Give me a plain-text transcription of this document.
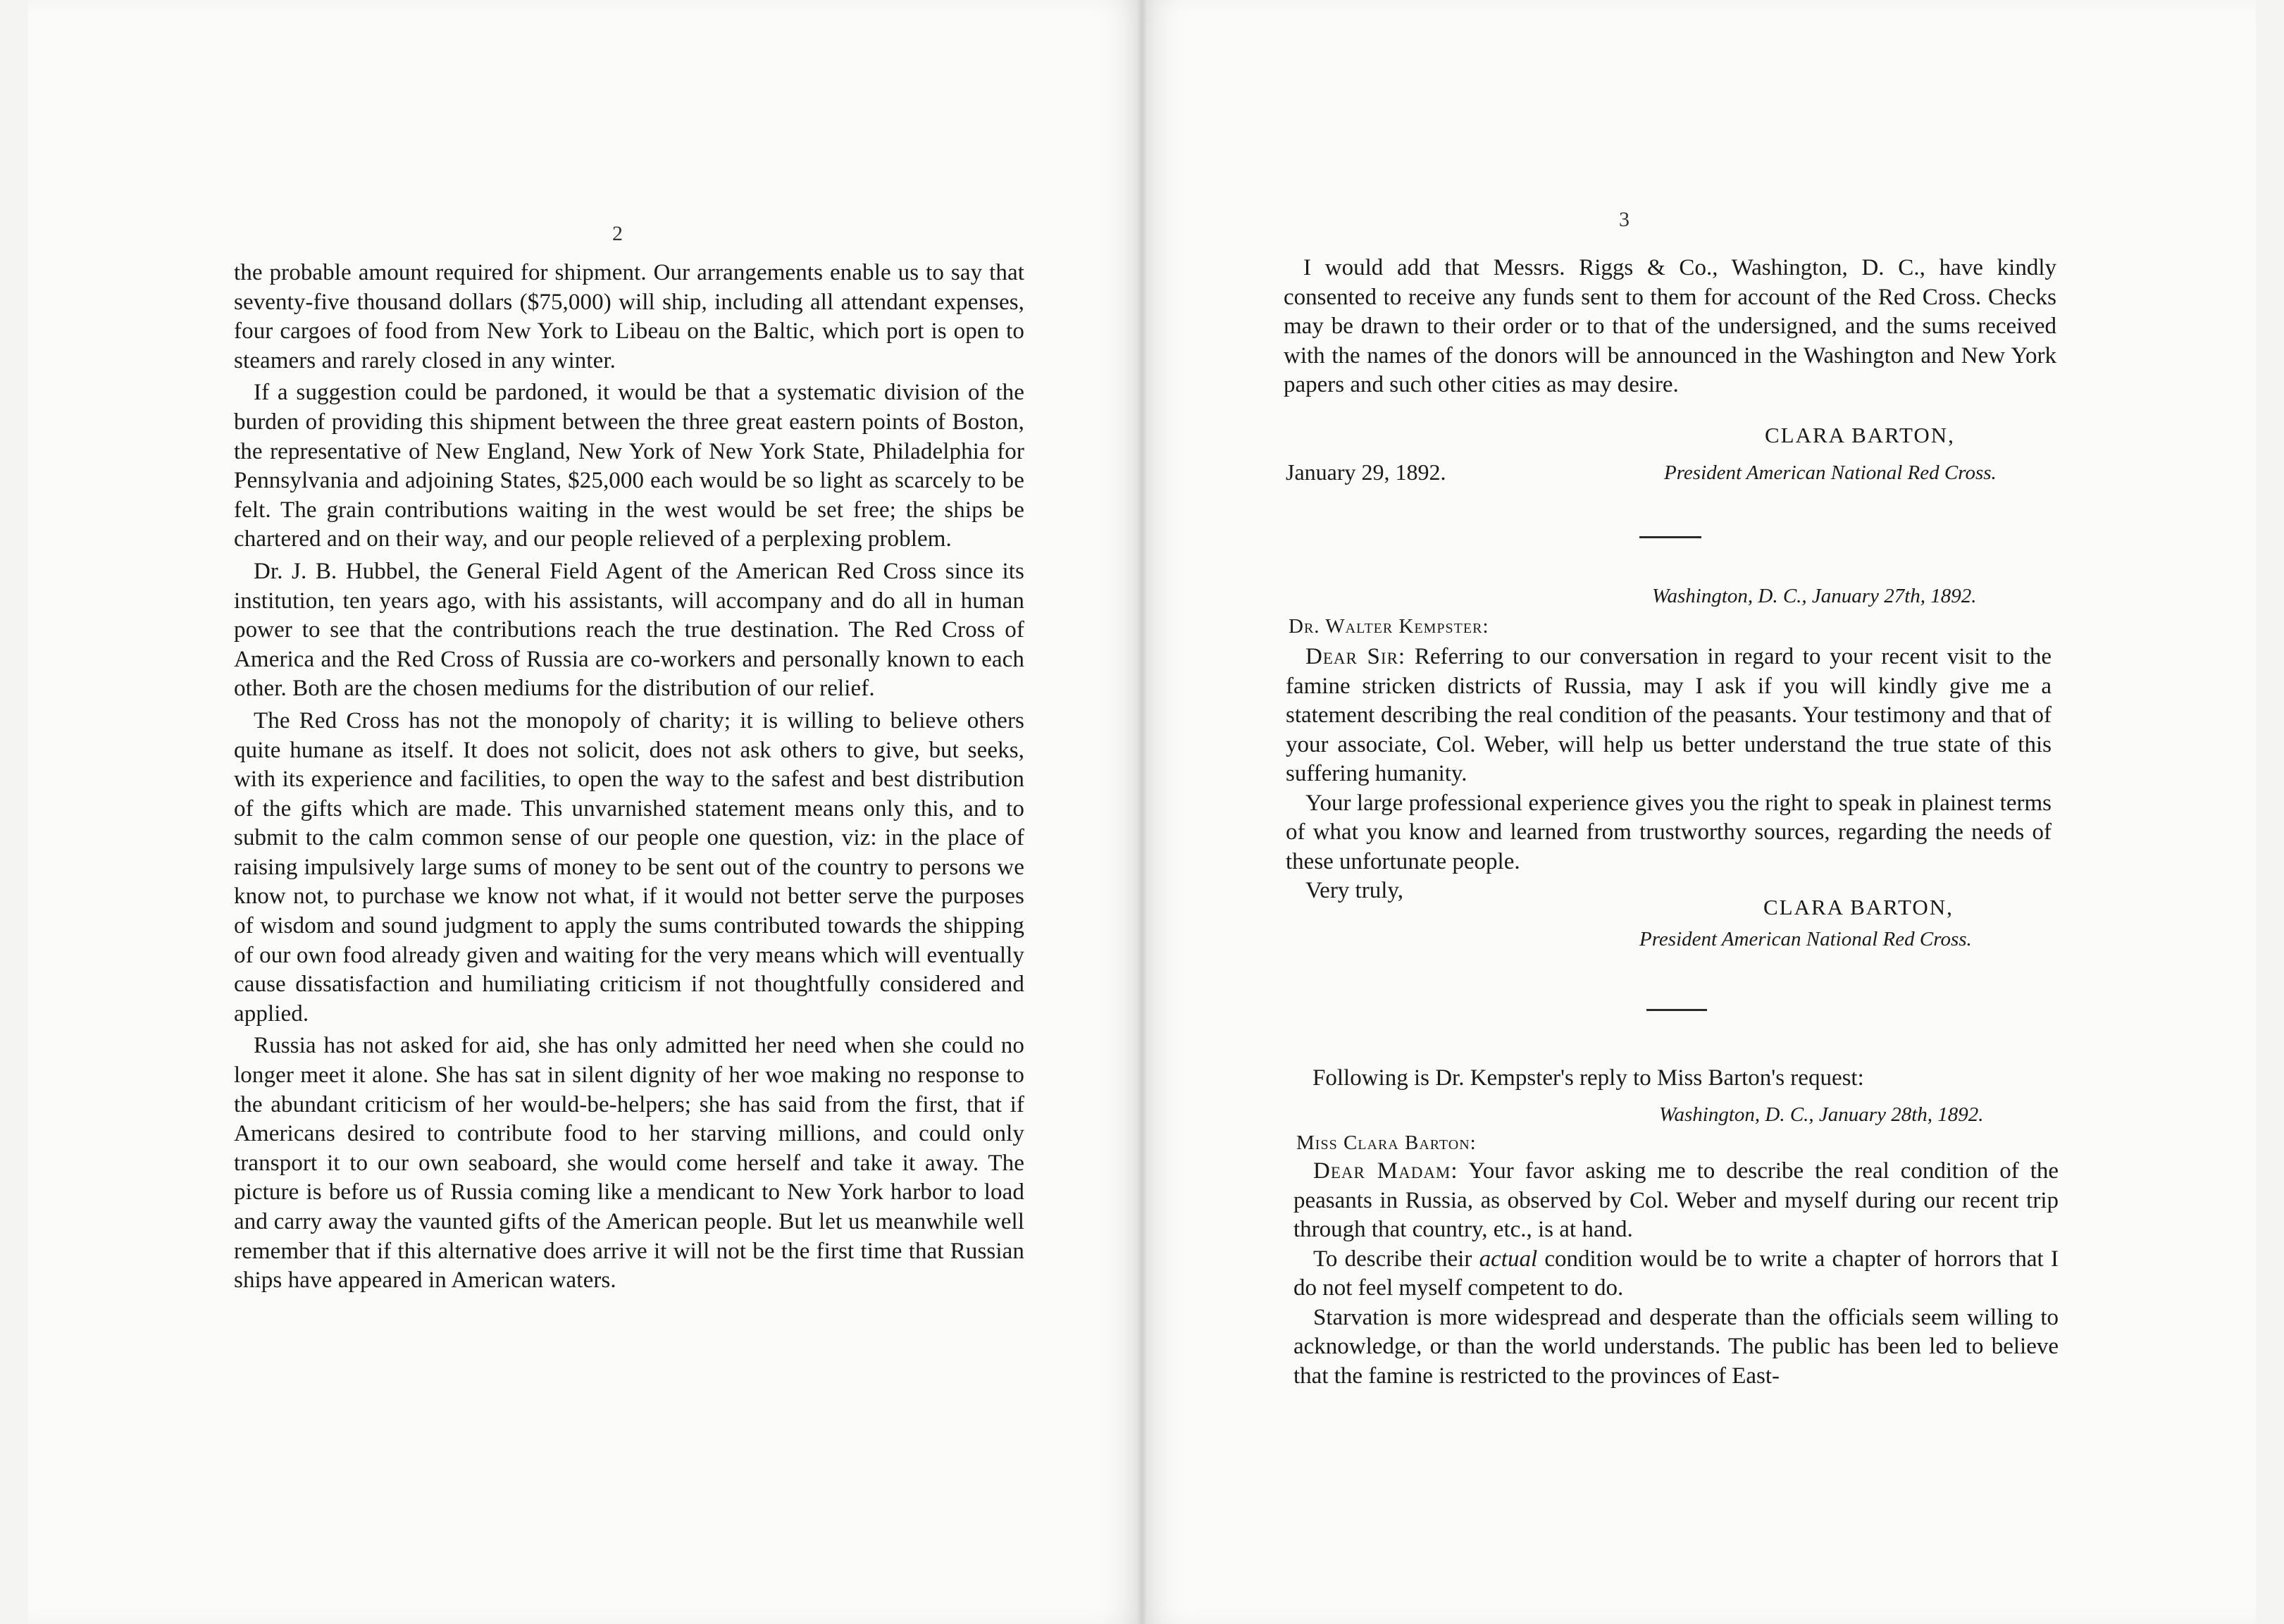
2

the probable amount required for shipment. Our arrangements enable us to say that seventy-five thousand dollars ($75,000) will ship, including all attendant expenses, four cargoes of food from New York to Libeau on the Baltic, which port is open to steamers and rarely closed in any winter.

If a suggestion could be pardoned, it would be that a systematic division of the burden of providing this shipment between the three great eastern points of Boston, the representative of New England, New York of New York State, Philadelphia for Pennsylvania and adjoining States, $25,000 each would be so light as scarcely to be felt. The grain contributions waiting in the west would be set free; the ships be chartered and on their way, and our people relieved of a perplexing problem.

Dr. J. B. Hubbel, the General Field Agent of the American Red Cross since its institution, ten years ago, with his assistants, will accompany and do all in human power to see that the contributions reach the true destination. The Red Cross of America and the Red Cross of Russia are co-workers and personally known to each other. Both are the chosen mediums for the distribution of our relief.

The Red Cross has not the monopoly of charity; it is willing to believe others quite humane as itself. It does not solicit, does not ask others to give, but seeks, with its experience and facilities, to open the way to the safest and best distribution of the gifts which are made. This unvarnished statement means only this, and to submit to the calm common sense of our people one question, viz: in the place of raising impulsively large sums of money to be sent out of the country to persons we know not, to purchase we know not what, if it would not better serve the purposes of wisdom and sound judgment to apply the sums contributed towards the shipping of our own food already given and waiting for the very means which will eventually cause dissatisfaction and humiliating criticism if not thoughtfully considered and applied.

Russia has not asked for aid, she has only admitted her need when she could no longer meet it alone. She has sat in silent dignity of her woe making no response to the abundant criticism of her would-be-helpers; she has said from the first, that if Americans desired to contribute food to her starving millions, and could only transport it to our own seaboard, she would come herself and take it away. The picture is before us of Russia coming like a mendicant to New York harbor to load and carry away the vaunted gifts of the American people. But let us meanwhile well remember that if this alternative does arrive it will not be the first time that Russian ships have appeared in American waters.

3

I would add that Messrs. Riggs & Co., Washington, D. C., have kindly consented to receive any funds sent to them for account of the Red Cross. Checks may be drawn to their order or to that of the undersigned, and the sums received with the names of the donors will be announced in the Washington and New York papers and such other cities as may desire.

CLARA BARTON,
January 29, 1892.	President American National Red Cross.
Washington, D. C., January 27th, 1892.
Dr. Walter Kempster:

Dear Sir: Referring to our conversation in regard to your recent visit to the famine stricken districts of Russia, may I ask if you will kindly give me a statement describing the real condition of the peasants. Your testimony and that of your associate, Col. Weber, will help us better understand the true state of this suffering humanity.

Your large professional experience gives you the right to speak in plainest terms of what you know and learned from trustworthy sources, regarding the needs of these unfortunate people.

Very truly,

CLARA BARTON,
President American National Red Cross.

Following is Dr. Kempster's reply to Miss Barton's request:

Washington, D. C., January 28th, 1892.
Miss Clara Barton:

Dear Madam: Your favor asking me to describe the real condition of the peasants in Russia, as observed by Col. Weber and myself during our recent trip through that country, etc., is at hand.

To describe their actual condition would be to write a chapter of horrors that I do not feel myself competent to do.

Starvation is more widespread and desperate than the officials seem willing to acknowledge, or than the world understands. The public has been led to believe that the famine is restricted to the provinces of East-
